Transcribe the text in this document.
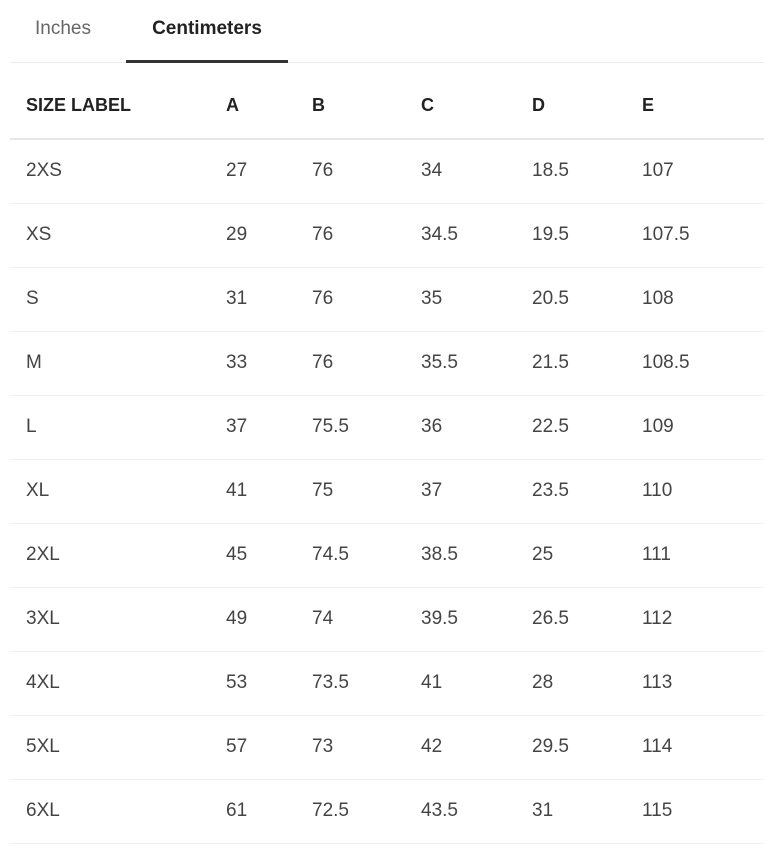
Inches	Centimeters
SIZE LABEL	A	B	C	D	E
2XS	27	76	34	18.5	107
XS	29	76	34.5	19.5	107.5
S	31	76	35	20.5	108
M	33	76	35.5	21.5	108.5
L	37	75.5	36	22.5	109
XL	41	75	37	23.5	110
2XL	45	74.5	38.5	25	111
3XL	49	74	39.5	26.5	112
4XL	53	73.5	41	28	113
5XL	57	73	42	29.5	114
6XL	61	72.5	43.5	31	115
